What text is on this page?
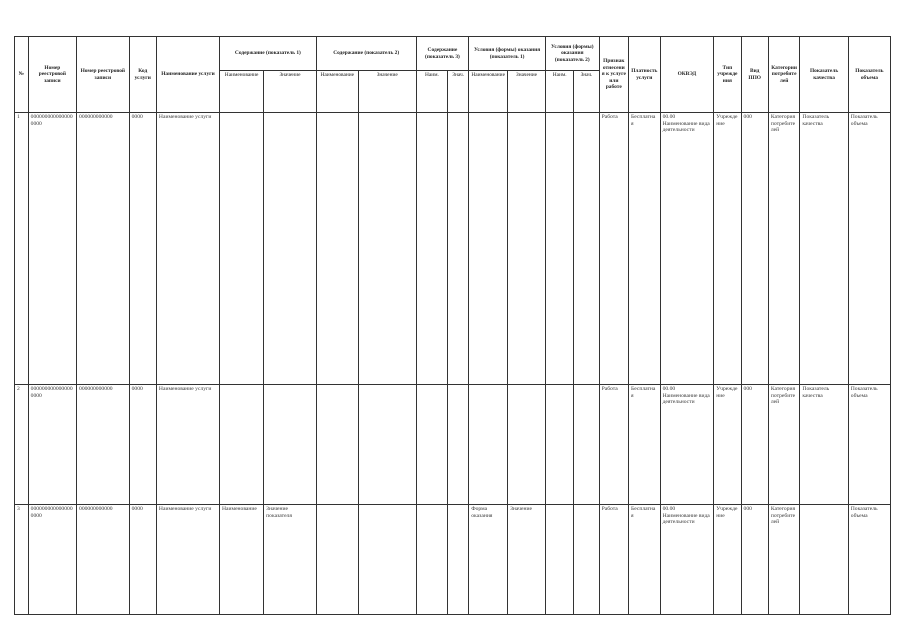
№	Номер реестровой записи	Номер реестровой записи	Код услуги	Наименование услуги	Содержание (показатель 1)		Содержание (показатель 2)		Содержание (показатель 3)		Условия (формы) оказания (показатель 1)		Условия (формы) оказания (показатель 2)		Признак отнесения к услуге или работе	Платность услуги	ОКВЭД	Тип учреждения	Вид ППО	Категории потребителей	Показатель качества	Показатель объема
					Наименование	Значение	Наименование	Значение	Наим.	Знач.	Наименование	Значение	Наим.	Знач.								
1	0000000000000000000	000000000000	0000	Наименование услуги											Работа	Бесплатная	00.00 Наименование вида деятельности	Учреждение	000	Категория потребителей	Показатель качества	Показатель объема
2	0000000000000000000	000000000000	0000	Наименование услуги											Работа	Бесплатная	00.00 Наименование вида деятельности	Учреждение	000	Категория потребителей	Показатель качества	Показатель объема
3	0000000000000000000	000000000000	0000	Наименование услуги	Наименование	Значение показателя					Форма оказания	Значение			Работа	Бесплатная	00.00 Наименование вида деятельности	Учреждение	000	Категория потребителей		Показатель объема
